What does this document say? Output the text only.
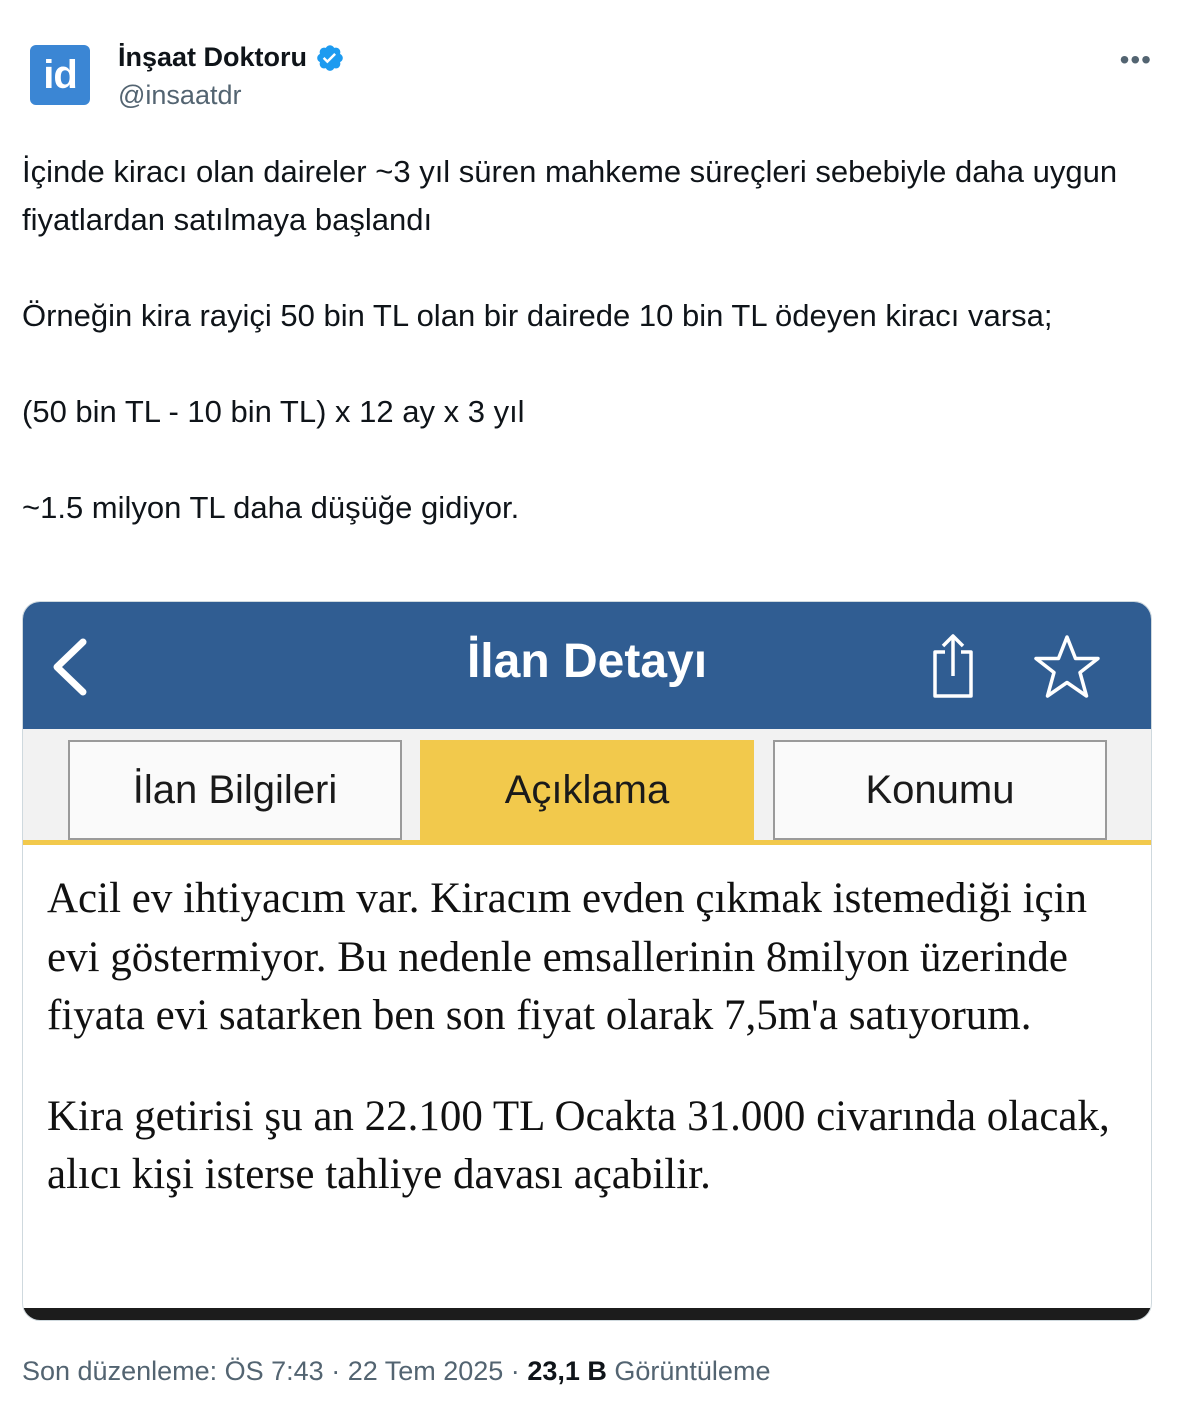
id	İnşaat Doktoru
@insaatdr
•••

İçinde kiracı olan daireler ~3 yıl süren mahkeme süreçleri sebebiyle daha uygun fiyatlardan satılmaya başlandı

Örneğin kira rayiçi 50 bin TL olan bir dairede 10 bin TL ödeyen kiracı varsa;

(50 bin TL - 10 bin TL) x 12 ay x 3 yıl

~1.5 milyon TL daha düşüğe gidiyor.

İlan Detayı
İlan Bilgileri	Açıklama	Konumu

Acil ev ihtiyacım var. Kiracım evden çıkmak istemediği için evi göstermiyor. Bu nedenle emsallerinin 8milyon üzerinde fiyata evi satarken ben son fiyat olarak 7,5m'a satıyorum.

Kira getirisi şu an 22.100 TL Ocakta 31.000 civarında olacak, alıcı kişi isterse tahliye davası açabilir.

Son düzenleme: ÖS 7:43 · 22 Tem 2025 · 23,1 B Görüntüleme
